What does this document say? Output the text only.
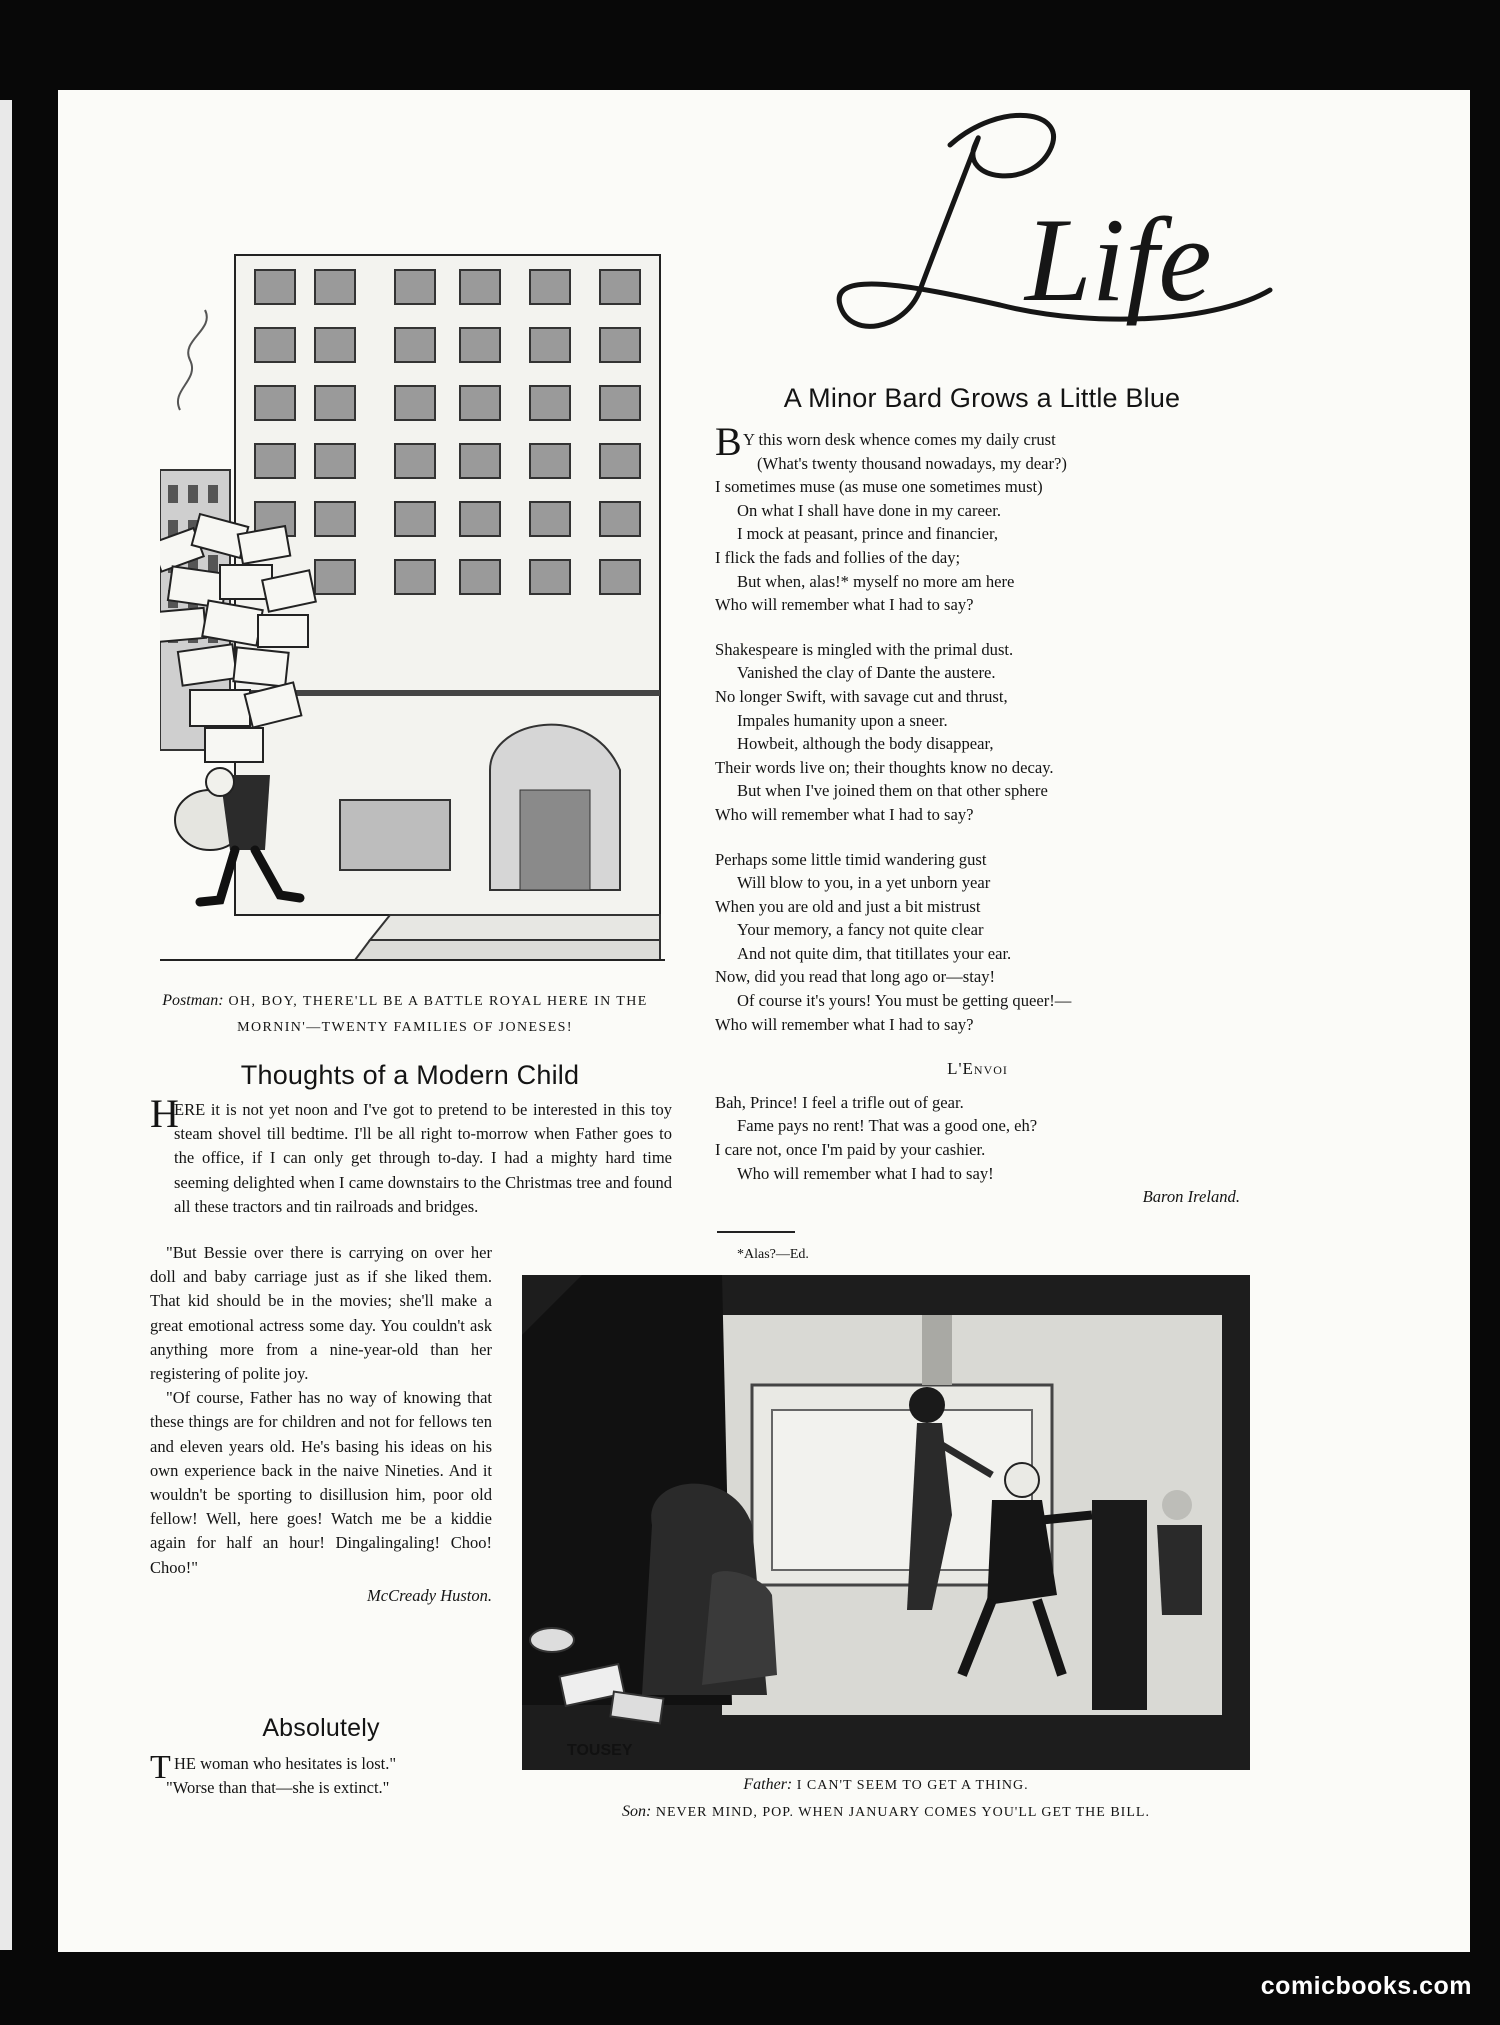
Life
Postman: OH, BOY, THERE'LL BE A BATTLE ROYAL HERE IN THE MORNIN'—TWENTY FAMILIES OF JONESES!
A Minor Bard Grows a Little Blue
B Y this worn desk whence comes my daily crust
(What's twenty thousand nowadays, my dear?)
I sometimes muse (as muse one sometimes must)
On what I shall have done in my career.
I mock at peasant, prince and financier,
I flick the fads and follies of the day;
But when, alas!* myself no more am here
Who will remember what I had to say?
Shakespeare is mingled with the primal dust.
Vanished the clay of Dante the austere.
No longer Swift, with savage cut and thrust,
Impales humanity upon a sneer.
Howbeit, although the body disappear,
Their words live on; their thoughts know no decay.
But when I've joined them on that other sphere
Who will remember what I had to say?
Perhaps some little timid wandering gust
Will blow to you, in a yet unborn year
When you are old and just a bit mistrust
Your memory, a fancy not quite clear
And not quite dim, that titillates your ear.
Now, did you read that long ago or—stay!
Of course it's yours! You must be getting queer!—
Who will remember what I had to say?
L'Envoi
Bah, Prince! I feel a trifle out of gear.
Fame pays no rent! That was a good one, eh?
I care not, once I'm paid by your cashier.
Who will remember what I had to say!
Baron Ireland.
*Alas?—Ed.
Thoughts of a Modern Child

H
ERE it is not yet noon and I've got to pretend to be interested in this toy steam shovel till bedtime. I'll be all right to-morrow when Father goes to the office, if I can only get through to-day. I had a mighty hard time seeming delighted when I came downstairs to the Christmas tree and found all these tractors and tin railroads and bridges.

"But Bessie over there is carrying on over her doll and baby carriage just as if she liked them. That kid should be in the movies; she'll make a great emotional actress some day. You couldn't ask anything more from a nine-year-old than her registering of polite joy.

"Of course, Father has no way of knowing that these things are for children and not for fellows ten and eleven years old. He's basing his ideas on his own experience back in the naive Nineties. And it wouldn't be sporting to disillusion him, poor old fellow! Well, here goes! Watch me be a kiddie again for half an hour! Dingalingaling! Choo! Choo!"

McCready Huston.
Absolutely

T HE woman who hesitates is lost."

"Worse than that—she is extinct."

TOUSEY
Father: I CAN'T SEEM TO GET A THING.
Son: NEVER MIND, POP. WHEN JANUARY COMES YOU'LL GET THE BILL.
comicbooks.com
